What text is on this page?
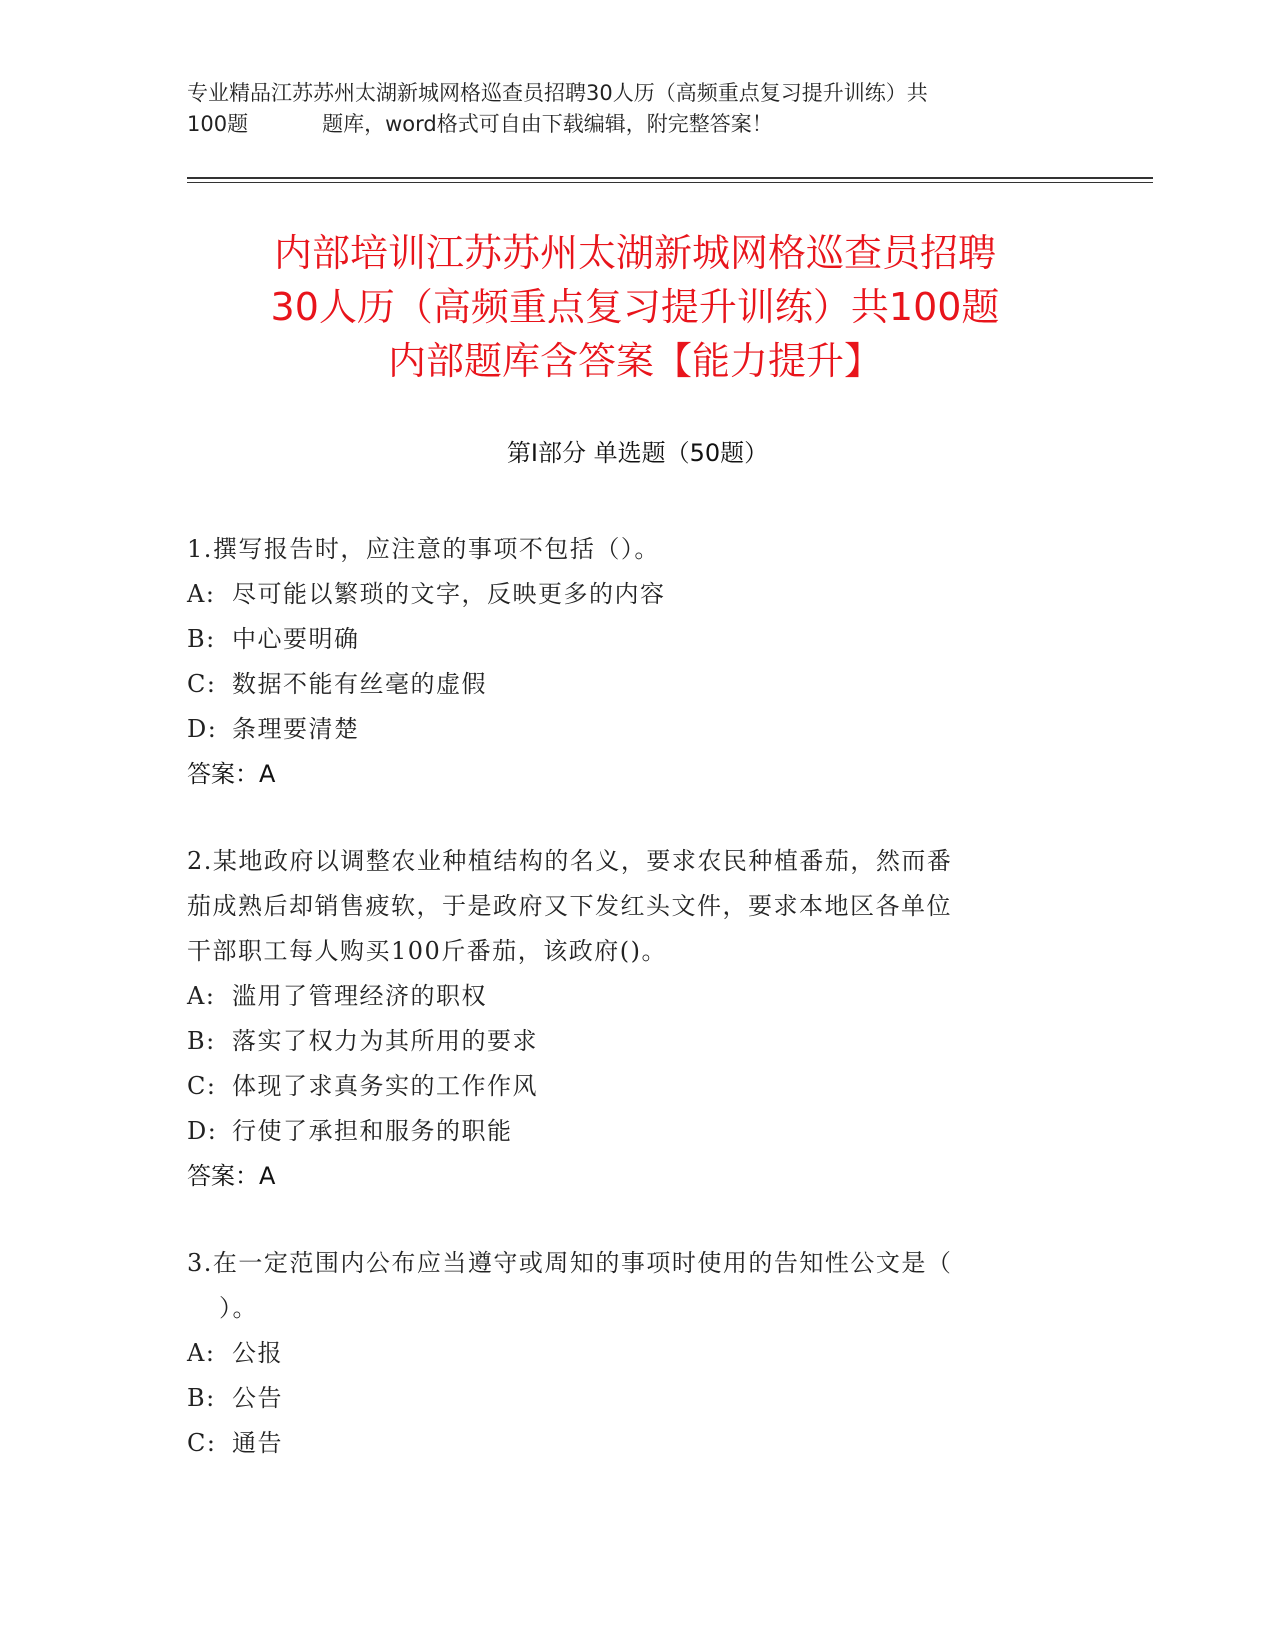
专业精品江苏苏州太湖新城网格巡查员招聘30人历（高频重点复习提升训练）共
100题	题库，word格式可自由下载编辑，附完整答案！
内部培训江苏苏州太湖新城网格巡查员招聘
30人历（高频重点复习提升训练）共100题
内部题库含答案【能力提升】
第Ⅰ部分 单选题（50题）
1.撰写报告时，应注意的事项不包括（）。
A: 尽可能以繁琐的文字，反映更多的内容
B: 中心要明确
C: 数据不能有丝毫的虚假
D: 条理要清楚
答案：A
2.某地政府以调整农业种植结构的名义，要求农民种植番茄，然而番
茄成熟后却销售疲软，于是政府又下发红头文件，要求本地区各单位
干部职工每人购买100斤番茄，该政府()。
A: 滥用了管理经济的职权
B: 落实了权力为其所用的要求
C: 体现了求真务实的工作作风
D: 行使了承担和服务的职能
答案：A
3.在一定范围内公布应当遵守或周知的事项时使用的告知性公文是（
）。
A: 公报
B: 公告
C: 通告
